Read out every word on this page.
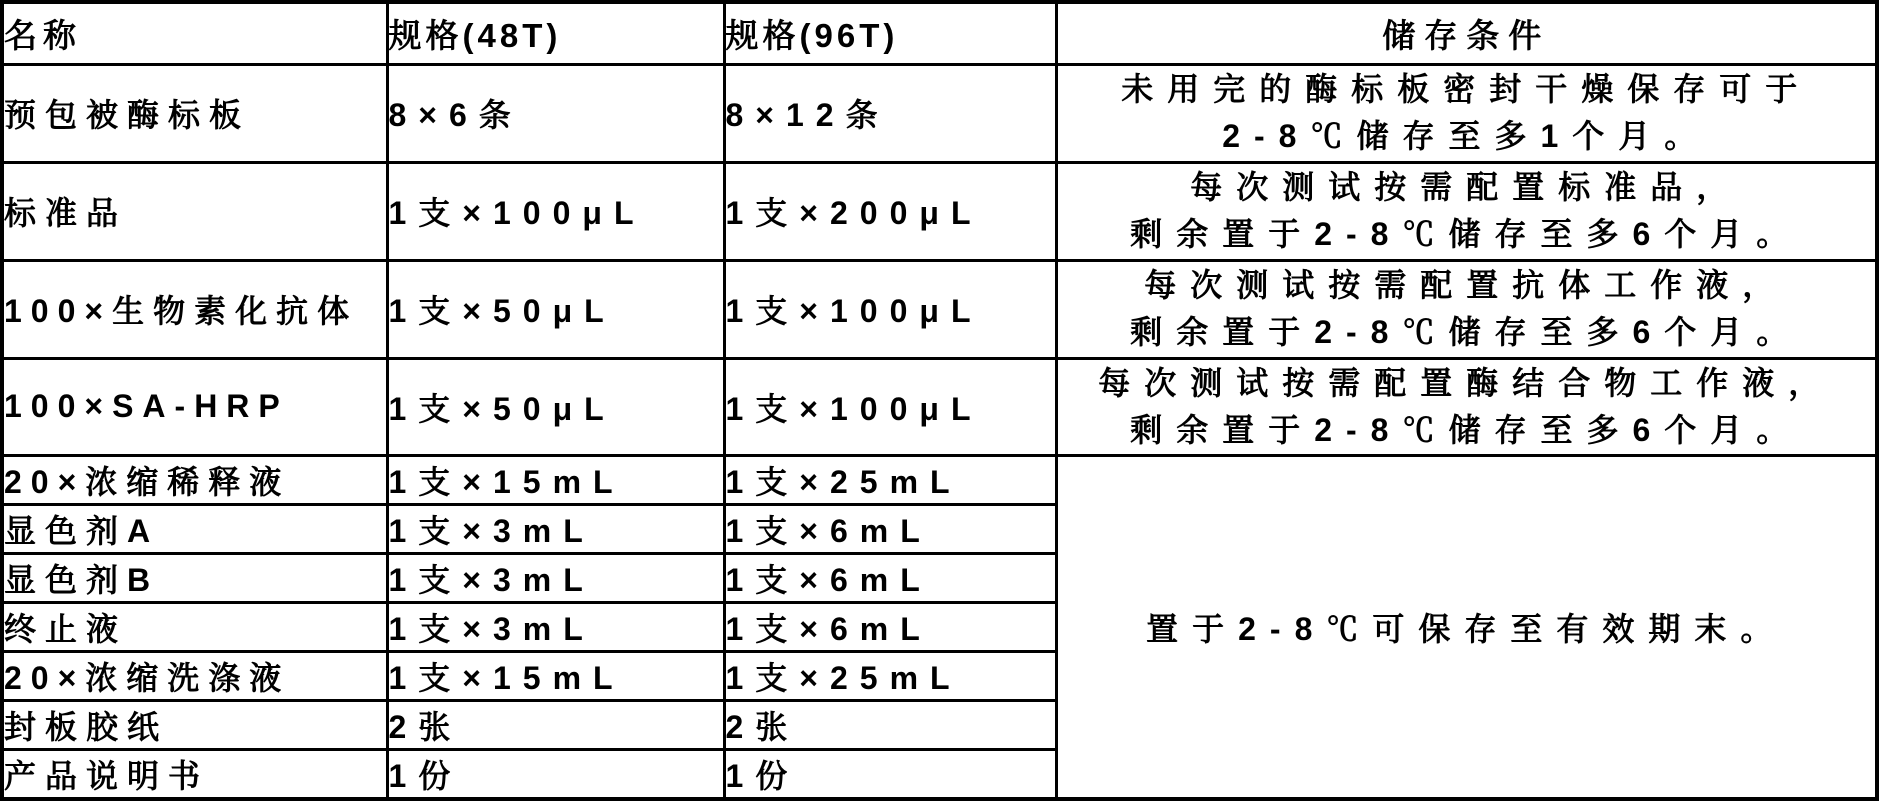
名称	规格(48T)	规格(96T)	储存条件
预包被酶标板	8×6条	8×12条	未用完的酶标板密封干燥保存可于
2-8℃储存至多1个月。

标准品	1支×100μL	1支×200μL	每次测试按需配置标准品，
剩余置于2-8℃储存至多6个月。

100×生物素化抗体	1支×50μL	1支×100μL	每次测试按需配置抗体工作液，
剩余置于2-8℃储存至多6个月。

100×SA-HRP	1支×50μL	1支×100μL	每次测试按需配置酶结合物工作液，
剩余置于2-8℃储存至多6个月。

20×浓缩稀释液	1支×15mL	1支×25mL	置于2-8℃可保存至有效期末。
显色剂A	1支×3mL	1支×6mL	
显色剂B	1支×3mL	1支×6mL	
终止液	1支×3mL	1支×6mL	
20×浓缩洗涤液	1支×15mL	1支×25mL	
封板胶纸	2张	2张	
产品说明书	1份	1份	
